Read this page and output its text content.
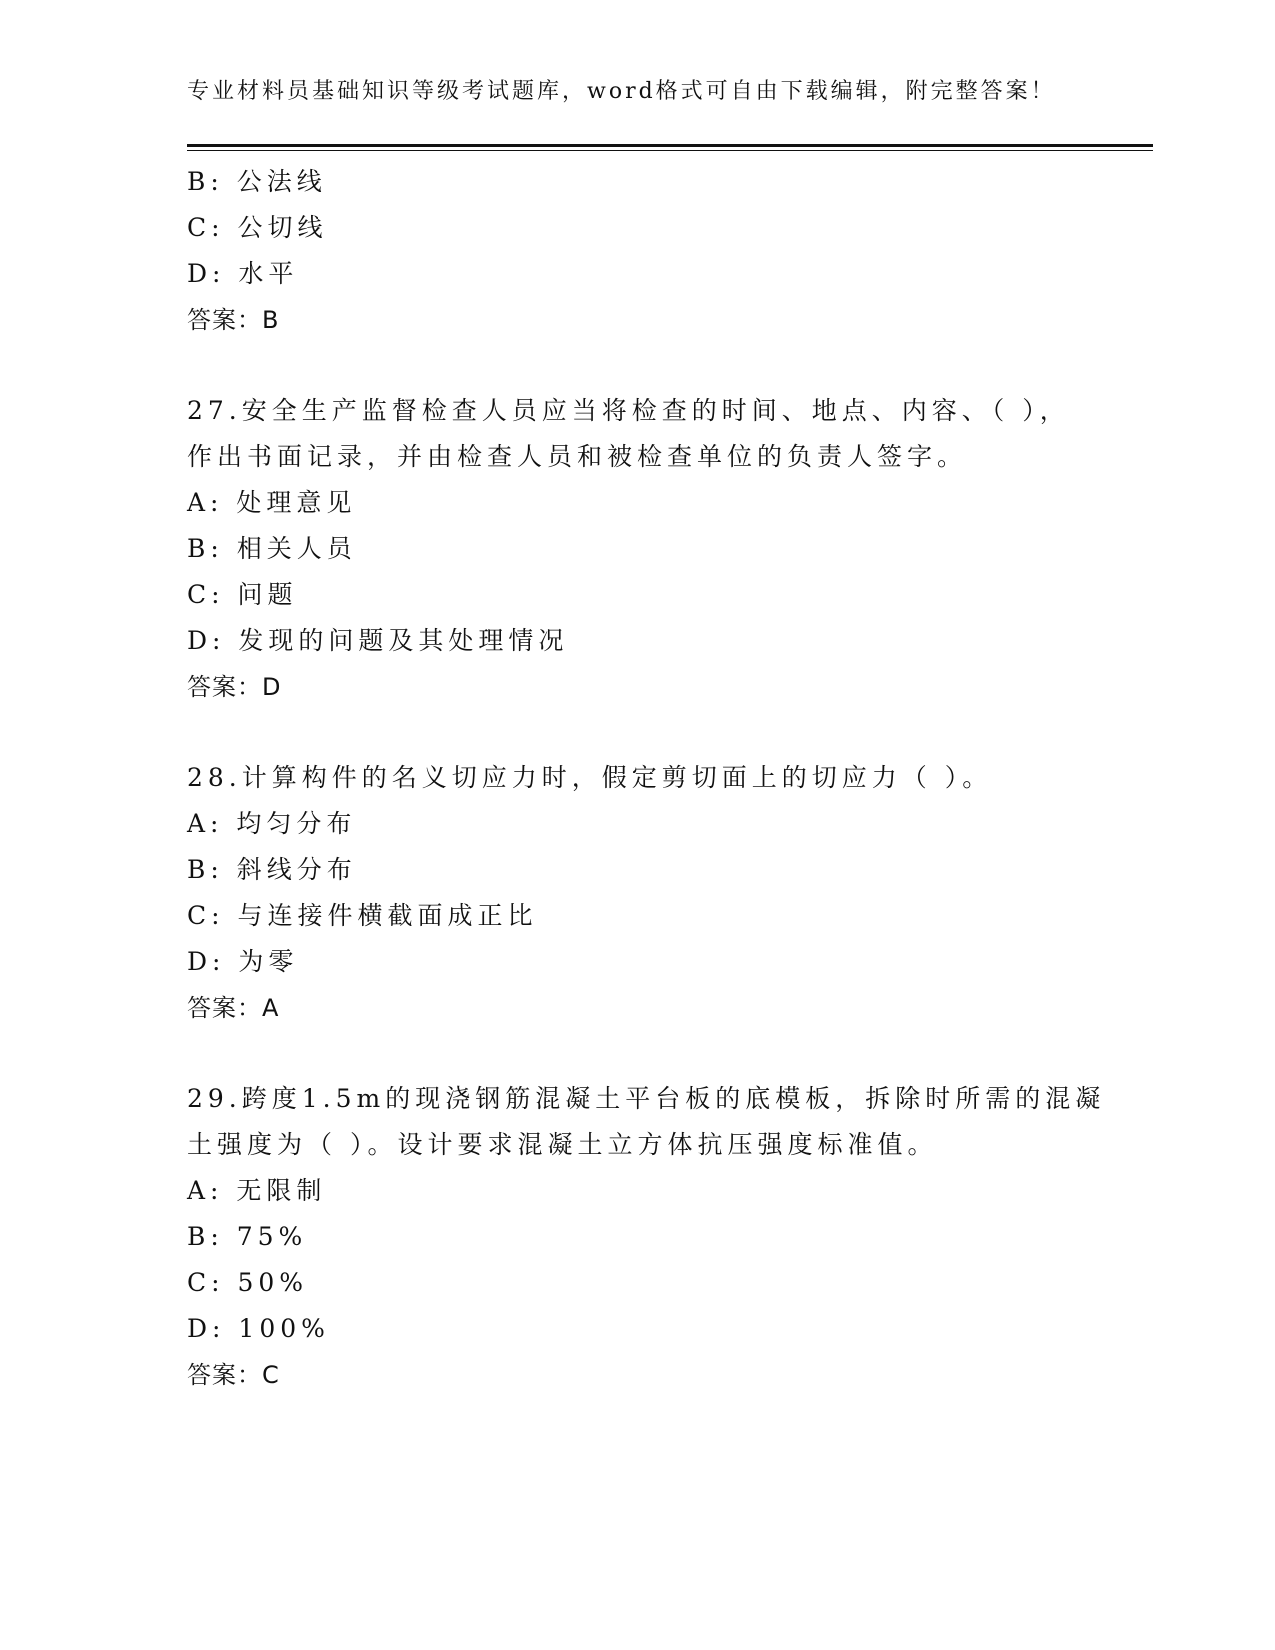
专业材料员基础知识等级考试题库，word格式可自由下载编辑，附完整答案！
B: 公法线
C: 公切线
D: 水平
答案：B
27.安全生产监督检查人员应当将检查的时间、地点、内容、（ ），
作出书面记录，并由检查人员和被检查单位的负责人签字。
A: 处理意见
B: 相关人员
C: 问题
D: 发现的问题及其处理情况
答案：D
28.计算构件的名义切应力时，假定剪切面上的切应力（ ）。
A: 均匀分布
B: 斜线分布
C: 与连接件横截面成正比
D: 为零
答案：A
29.跨度1.5m的现浇钢筋混凝土平台板的底模板，拆除时所需的混凝
土强度为（ ）。设计要求混凝土立方体抗压强度标准值。
A: 无限制
B: 75%
C: 50%
D: 100%
答案：C
